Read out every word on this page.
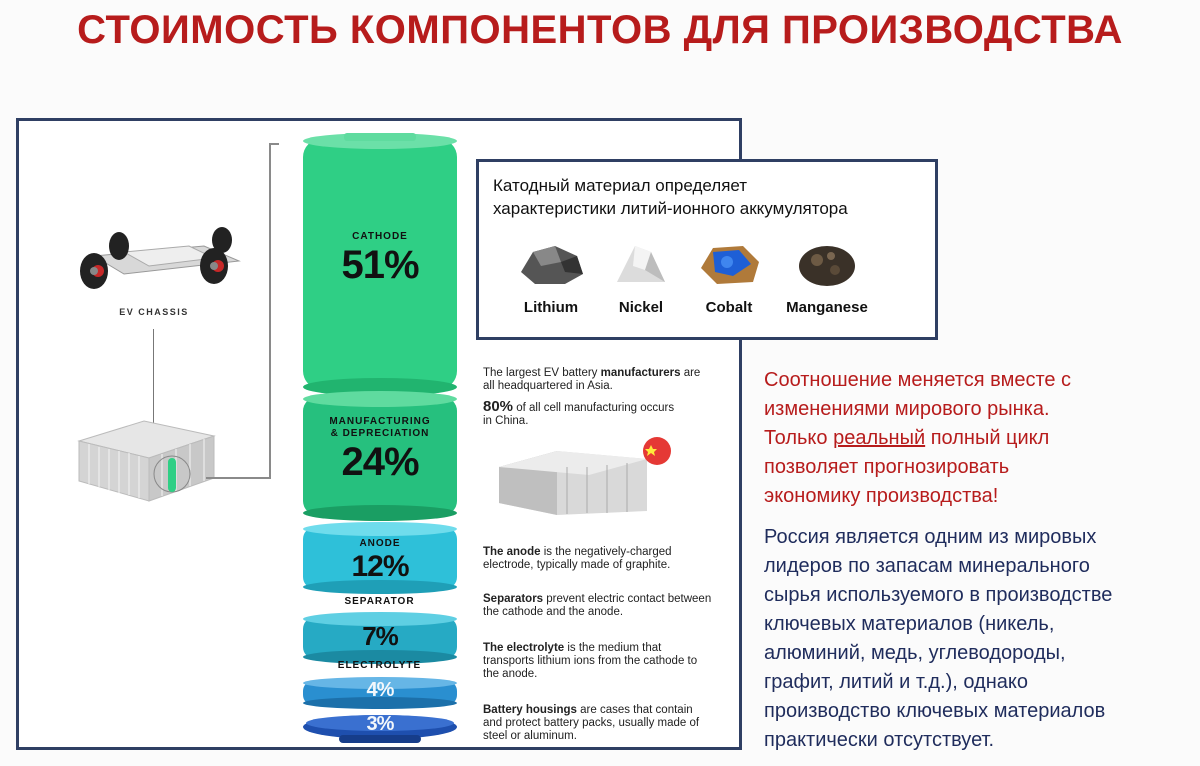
СТОИМОСТЬ КОМПОНЕНТОВ ДЛЯ ПРОИЗВОДСТВА
EV CHASSIS
CATHODE
51%
MANUFACTURING
& DEPRECIATION
24%
ANODE
12%
SEPARATOR
7%
ELECTROLYTE
4%
3%
The largest EV battery manufacturers are all headquartered in Asia.
80% of all cell manufacturing occurs in China.
The anode is the negatively-charged electrode, typically made of graphite.
Separators prevent electric contact between the cathode and the anode.
The electrolyte is the medium that transports lithium ions from the cathode to the anode.
Battery housings are cases that contain and protect battery packs, usually made of steel or aluminum.
Катодный материал определяет
характеристики литий-ионного аккумулятора
Lithium	Nickel	Cobalt	Manganese
Соотношение меняется вместе с
изменениями мирового рынка.
Только реальный полный цикл
позволяет прогнозировать
экономику производства!
Россия является одним из мировых
лидеров по запасам минерального
сырья используемого в производстве
ключевых материалов (никель,
алюминий, медь, углеводороды,
графит, литий и т.д.), однако
производство ключевых материалов
практически отсутствует.
